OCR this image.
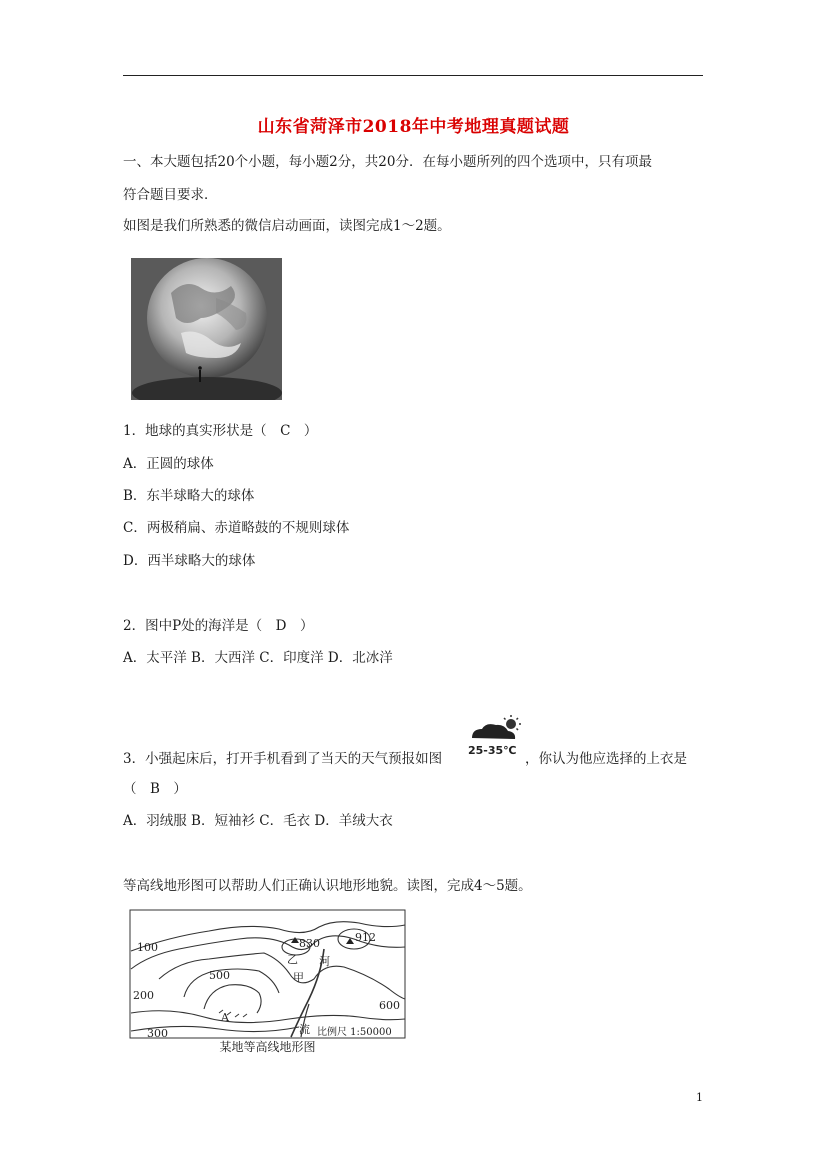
山东省菏泽市2018年中考地理真题试题
一、本大题包括20个小题，每小题2分，共20分．在每小题所列的四个选项中，只有项最
符合题目要求．
如图是我们所熟悉的微信启动画面，读图完成1～2题。
1．地球的真实形状是（　C　）
A．正圆的球体
B．东半球略大的球体
C．两极稍扁、赤道略鼓的不规则球体
D．西半球略大的球体
2．图中P处的海洋是（　D　）
A．太平洋 B．大西洋 C．印度洋 D．北冰洋
3．小强起床后，打开手机看到了当天的天气预报如图
25-35℃
，你认为他应选择的上衣是
（　B　）
A．羽绒服 B．短袖衫 C．毛衣 D．羊绒大衣
等高线地形图可以帮助人们正确认识地形地貌。读图，完成4～5题。
100
200
300
500
600
830	912
乙
甲
河
流
A
比例尺 1:50000
某地等高线地形图
1
